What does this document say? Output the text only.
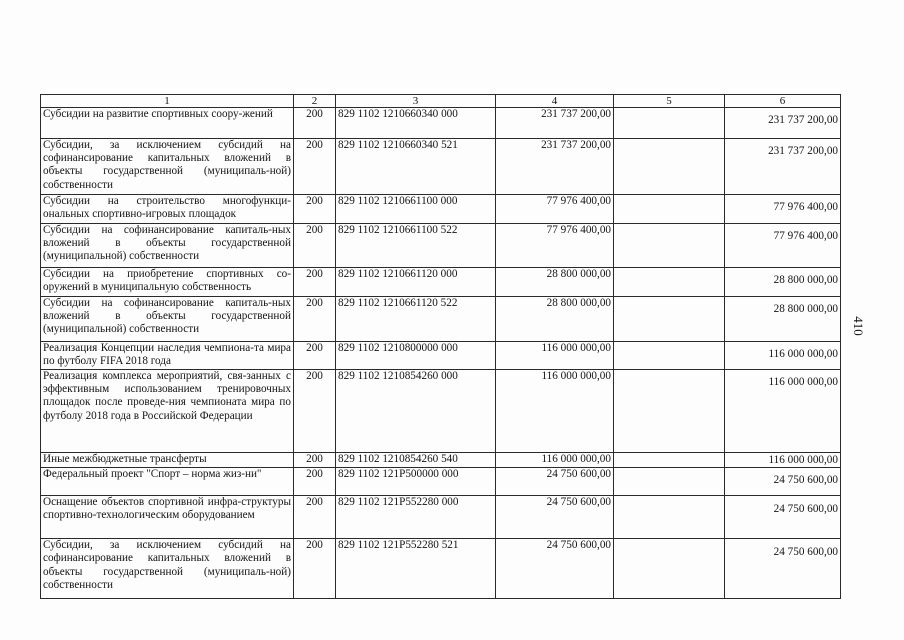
1	2	3	4	5	6
Субсидии на развитие спортивных соору-жений	200	829 1102 1210660340 000	231 737 200,00		231 737 200,00

Субсидии, за исключением субсидий на софинансирование капитальных вложений в объекты государственной (муниципаль-ной) собственности	200	829 1102 1210660340 521	231 737 200,00		231 737 200,00

Субсидии на строительство многофункци-ональных спортивно-игровых площадок	200	829 1102 1210661100 000	77 976 400,00		77 976 400,00

Субсидии на софинансирование капиталь-ных вложений в объекты государственной (муниципальной) собственности	200	829 1102 1210661100 522	77 976 400,00		77 976 400,00

Субсидии на приобретение спортивных со-оружений в муниципальную собственность	200	829 1102 1210661120 000	28 800 000,00		28 800 000,00

Субсидии на софинансирование капиталь-ных вложений в объекты государственной (муниципальной) собственности	200	829 1102 1210661120 522	28 800 000,00		28 800 000,00

Реализация Концепции наследия чемпиона-та мира по футболу FIFA 2018 года	200	829 1102 1210800000 000	116 000 000,00		116 000 000,00

Реализация комплекса мероприятий, свя-занных с эффективным использованием тренировочных площадок после проведе-ния чемпионата мира по футболу 2018 года в Российской Федерации	200	829 1102 1210854260 000	116 000 000,00		116 000 000,00

Иные межбюджетные трансферты	200	829 1102 1210854260 540	116 000 000,00		116 000 000,00

Федеральный проект "Спорт – норма жиз-ни"	200	829 1102 121P500000 000	24 750 600,00		24 750 600,00

Оснащение объектов спортивной инфра-структуры спортивно-технологическим оборудованием	200	829 1102 121P552280 000	24 750 600,00		24 750 600,00

Субсидии, за исключением субсидий на софинансирование капитальных вложений в объекты государственной (муниципаль-ной) собственности	200	829 1102 121P552280 521	24 750 600,00		24 750 600,00
410
